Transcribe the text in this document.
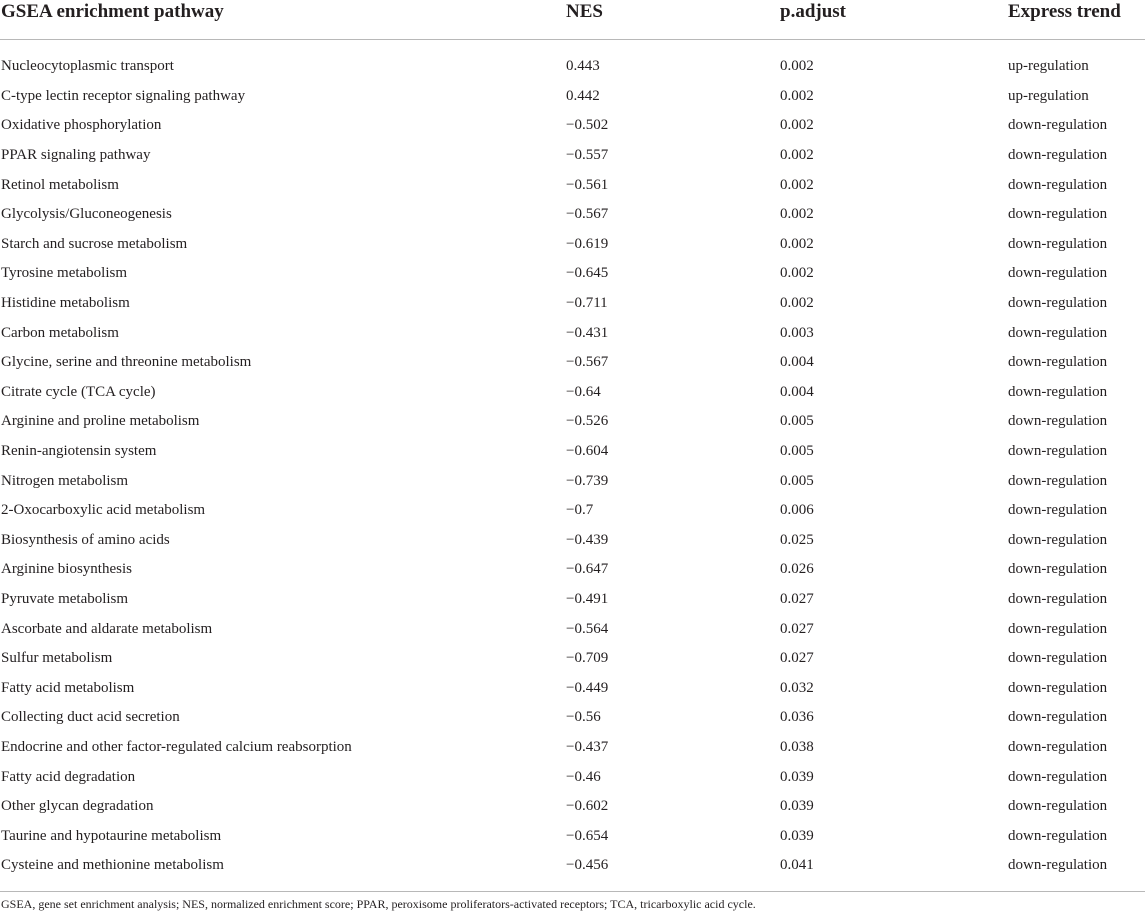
GSEA enrichment pathway	NES	p.adjust	Express trend
Nucleocytoplasmic transport	0.443	0.002	up-regulation
C-type lectin receptor signaling pathway	0.442	0.002	up-regulation
Oxidative phosphorylation	−0.502	0.002	down-regulation
PPAR signaling pathway	−0.557	0.002	down-regulation
Retinol metabolism	−0.561	0.002	down-regulation
Glycolysis/Gluconeogenesis	−0.567	0.002	down-regulation
Starch and sucrose metabolism	−0.619	0.002	down-regulation
Tyrosine metabolism	−0.645	0.002	down-regulation
Histidine metabolism	−0.711	0.002	down-regulation
Carbon metabolism	−0.431	0.003	down-regulation
Glycine, serine and threonine metabolism	−0.567	0.004	down-regulation
Citrate cycle (TCA cycle)	−0.64	0.004	down-regulation
Arginine and proline metabolism	−0.526	0.005	down-regulation
Renin-angiotensin system	−0.604	0.005	down-regulation
Nitrogen metabolism	−0.739	0.005	down-regulation
2-Oxocarboxylic acid metabolism	−0.7	0.006	down-regulation
Biosynthesis of amino acids	−0.439	0.025	down-regulation
Arginine biosynthesis	−0.647	0.026	down-regulation
Pyruvate metabolism	−0.491	0.027	down-regulation
Ascorbate and aldarate metabolism	−0.564	0.027	down-regulation
Sulfur metabolism	−0.709	0.027	down-regulation
Fatty acid metabolism	−0.449	0.032	down-regulation
Collecting duct acid secretion	−0.56	0.036	down-regulation
Endocrine and other factor-regulated calcium reabsorption	−0.437	0.038	down-regulation
Fatty acid degradation	−0.46	0.039	down-regulation
Other glycan degradation	−0.602	0.039	down-regulation
Taurine and hypotaurine metabolism	−0.654	0.039	down-regulation
Cysteine and methionine metabolism	−0.456	0.041	down-regulation
GSEA, gene set enrichment analysis; NES, normalized enrichment score; PPAR, peroxisome proliferators-activated receptors; TCA, tricarboxylic acid cycle.
